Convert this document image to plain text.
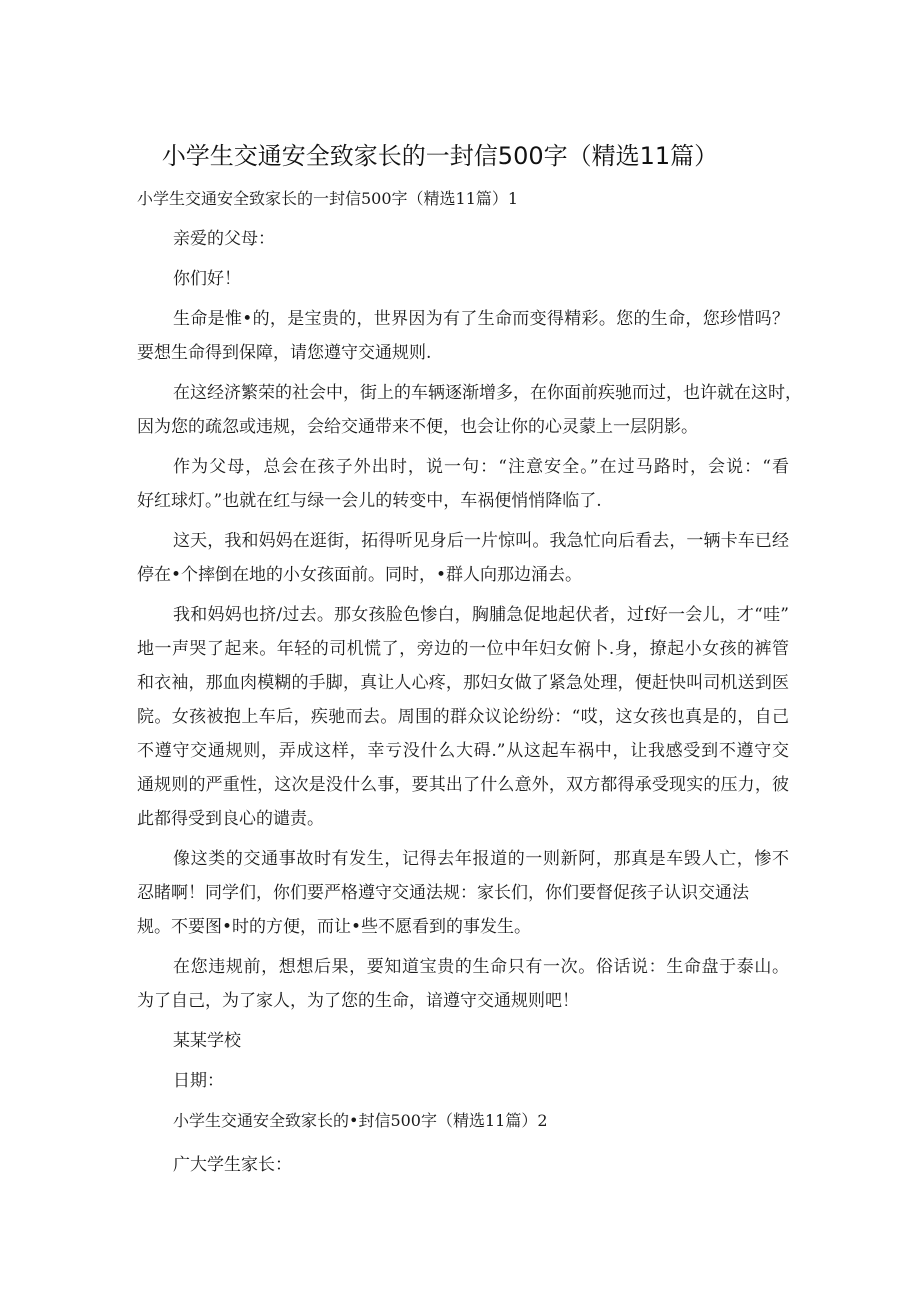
小学生交通安全致家长的一封信500字（精选11篇）
小学生交通安全致家长的一封信500字（精选11篇）1
亲爱的父母：
你们好！
生命是惟•的，是宝贵的，世界因为有了生命而变得精彩。您的生命，您珍惜吗？
要想生命得到保障，请您遵守交通规则.
在这经济繁荣的社会中，街上的车辆逐渐增多，在你面前疾驰而过，也许就在这时，
因为您的疏忽或违规，会给交通带来不便，也会让你的心灵蒙上一层阴影。
作为父母，总会在孩子外出时，说一句：“注意安全。”在过马路时，会说：“看
好红球灯。”也就在红与绿一会儿的转变中，车祸便悄悄降临了.
这天，我和妈妈在逛街，拓得听见身后一片惊叫。我急忙向后看去，一辆卡车已经
停在•个摔倒在地的小女孩面前。同时，•群人向那边涌去。
我和妈妈也挤/过去。那女孩脸色惨白，胸脯急促地起伏者，过f好一会儿，才“哇”
地一声哭了起来。年轻的司机慌了，旁边的一位中年妇女俯卜.身，撩起小女孩的裤管
和衣袖，那血肉模糊的手脚，真让人心疼，那妇女做了紧急处理，便赶快叫司机送到医
院。女孩被抱上车后，疾驰而去。周围的群众议论纷纷：“哎，这女孩也真是的，自己
不遵守交通规则，弄成这样，幸亏没什么大碍.”从这起车祸中，让我感受到不遵守交
通规则的严重性，这次是没什么事，要其出了什么意外，双方都得承受现实的压力，彼
此都得受到良心的谴责。
像这类的交通事故时有发生，记得去年报道的一则新阿，那真是车毁人亡，惨不
忍睹啊！同学们，你们要严格遵守交通法规：家长们，你们要督促孩子认识交通法
规。不要图•时的方便，而让•些不愿看到的事发生。
在您违规前，想想后果，要知道宝贵的生命只有一次。俗话说：生命盘于泰山。
为了自己，为了家人，为了您的生命，谙遵守交通规则吧！
某某学校
日期：
小学生交通安全致家长的•封信500字（精选11篇）2
广大学生家长：
